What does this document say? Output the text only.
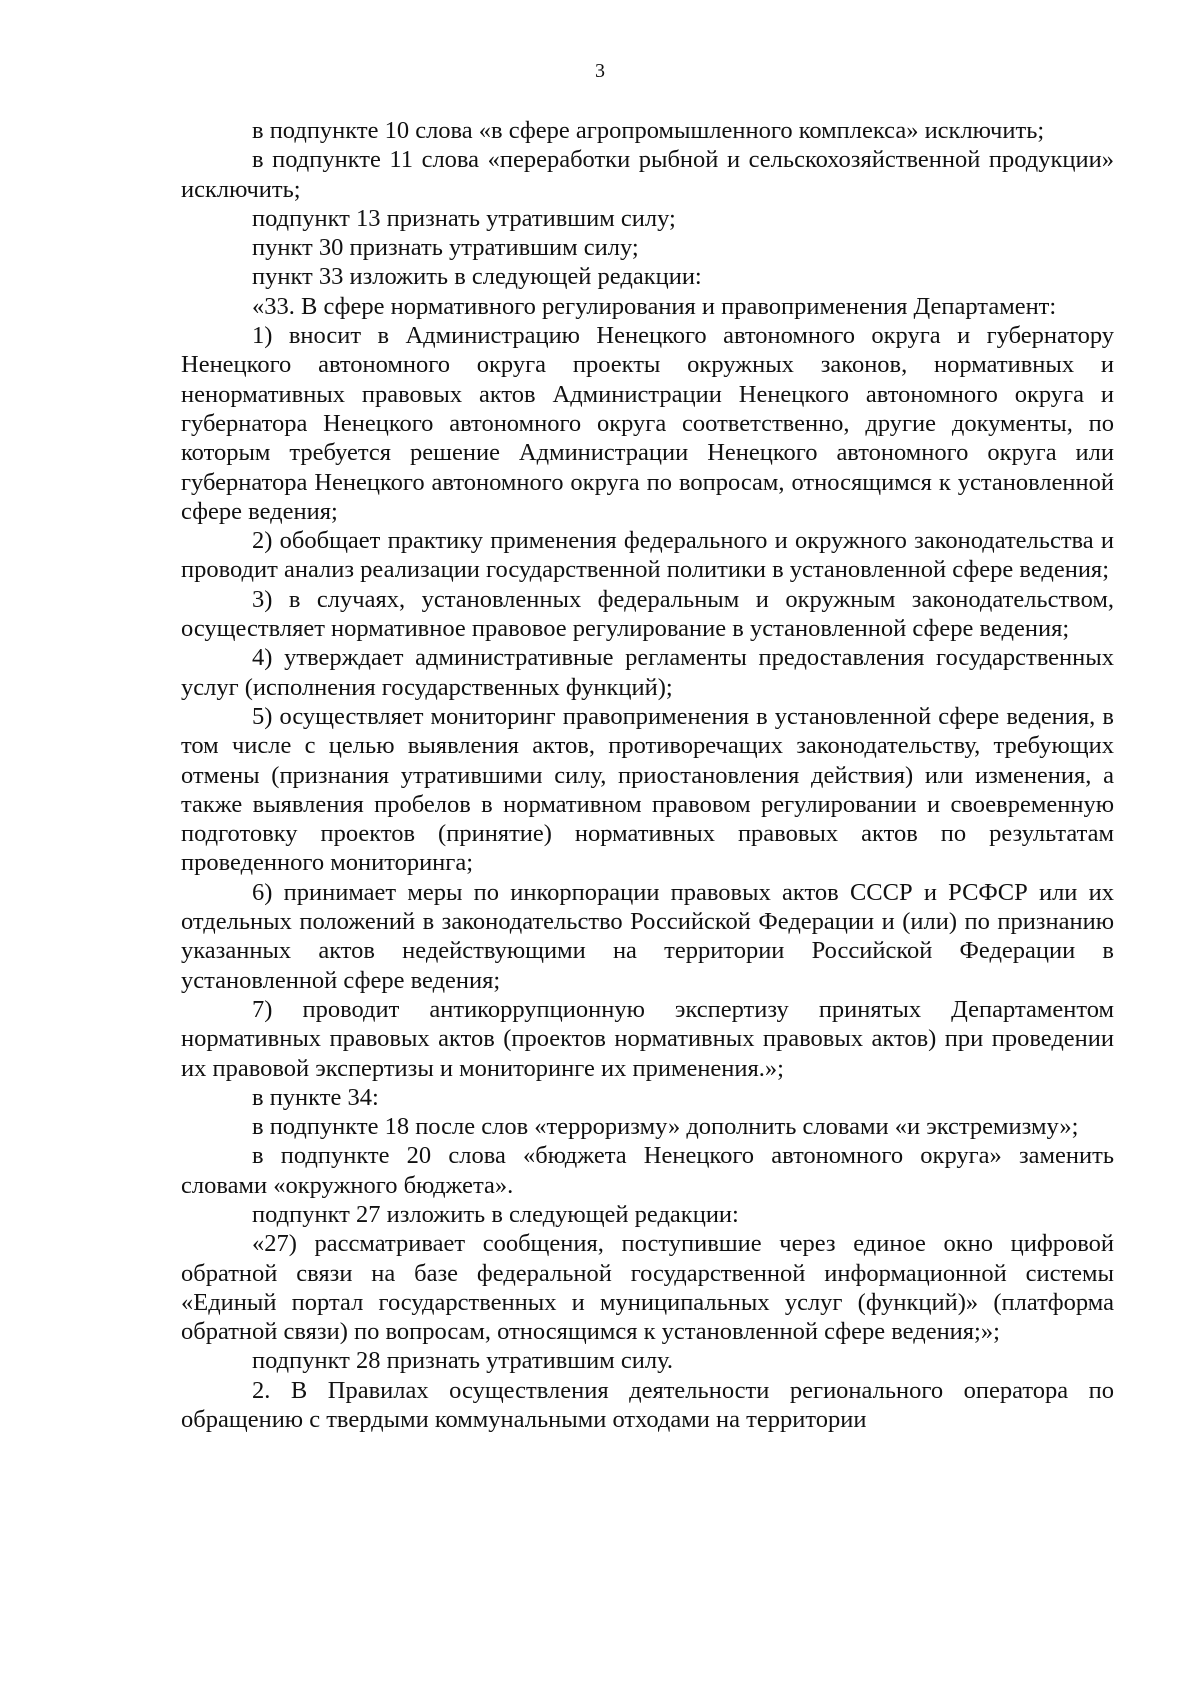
3

в подпункте 10 слова «в сфере агропромышленного комплекса» исключить;

в подпункте 11 слова «переработки рыбной и сельскохозяйственной продукции» исключить;

подпункт 13 признать утратившим силу;

пункт 30 признать утратившим силу;

пункт 33 изложить в следующей редакции:

«33. В сфере нормативного регулирования и правоприменения Департамент:

1) вносит в Администрацию Ненецкого автономного округа и губернатору Ненецкого автономного округа проекты окружных законов, нормативных и ненормативных правовых актов Администрации Ненецкого автономного округа и губернатора Ненецкого автономного округа соответственно, другие документы, по которым требуется решение Администрации Ненецкого автономного округа или губернатора Ненецкого автономного округа по вопросам, относящимся к установленной сфере ведения;

2) обобщает практику применения федерального и окружного законодательства и проводит анализ реализации государственной политики в установленной сфере ведения;

3) в случаях, установленных федеральным и окружным законодательством, осуществляет нормативное правовое регулирование в установленной сфере ведения;

4) утверждает административные регламенты предоставления государственных услуг (исполнения государственных функций);

5) осуществляет мониторинг правоприменения в установленной сфере ведения, в том числе с целью выявления актов, противоречащих законодательству, требующих отмены (признания утратившими силу, приостановления действия) или изменения, а также выявления пробелов в нормативном правовом регулировании и своевременную подготовку проектов (принятие) нормативных правовых актов по результатам проведенного мониторинга;

6) принимает меры по инкорпорации правовых актов СССР и РСФСР или их отдельных положений в законодательство Российской Федерации и (или) по признанию указанных актов недействующими на территории Российской Федерации в установленной сфере ведения;

7) проводит антикоррупционную экспертизу принятых Департаментом нормативных правовых актов (проектов нормативных правовых актов) при проведении их правовой экспертизы и мониторинге их применения.»;

в пункте 34:

в подпункте 18 после слов «терроризму» дополнить словами «и экстремизму»;

в подпункте 20 слова «бюджета Ненецкого автономного округа» заменить словами «окружного бюджета».

подпункт 27 изложить в следующей редакции:

«27) рассматривает сообщения, поступившие через единое окно цифровой обратной связи на базе федеральной государственной информационной системы «Единый портал государственных и муниципальных услуг (функций)» (платформа обратной связи) по вопросам, относящимся к установленной сфере ведения;»;

подпункт 28 признать утратившим силу.

2. В Правилах осуществления деятельности регионального оператора по обращению с твердыми коммунальными отходами на территории
